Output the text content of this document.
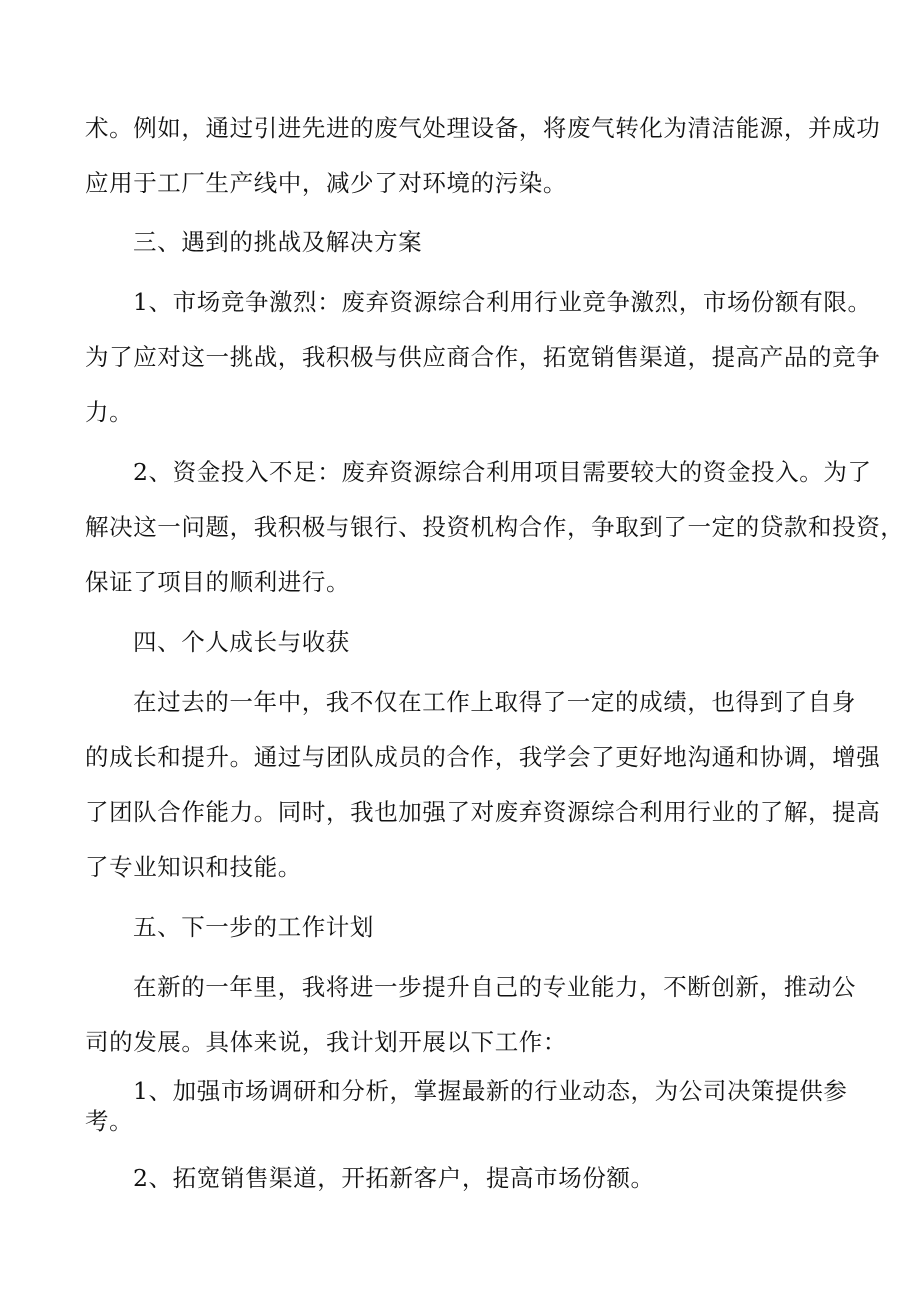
术。例如，通过引进先进的废气处理设备，将废气转化为清洁能源，并成功
应用于工厂生产线中，减少了对环境的污染。
三、遇到的挑战及解决方案
1、市场竞争激烈：废弃资源综合利用行业竞争激烈，市场份额有限。
为了应对这一挑战，我积极与供应商合作，拓宽销售渠道，提高产品的竞争
力。
2、资金投入不足：废弃资源综合利用项目需要较大的资金投入。为了
解决这一问题，我积极与银行、投资机构合作，争取到了一定的贷款和投资，
保证了项目的顺利进行。
四、个人成长与收获
在过去的一年中，我不仅在工作上取得了一定的成绩，也得到了自身
的成长和提升。通过与团队成员的合作，我学会了更好地沟通和协调，增强
了团队合作能力。同时，我也加强了对废弃资源综合利用行业的了解，提高
了专业知识和技能。
五、下一步的工作计划
在新的一年里，我将进一步提升自己的专业能力，不断创新，推动公
司的发展。具体来说，我计划开展以下工作：
1、加强市场调研和分析，掌握最新的行业动态，为公司决策提供参
考。
2、拓宽销售渠道，开拓新客户，提高市场份额。
